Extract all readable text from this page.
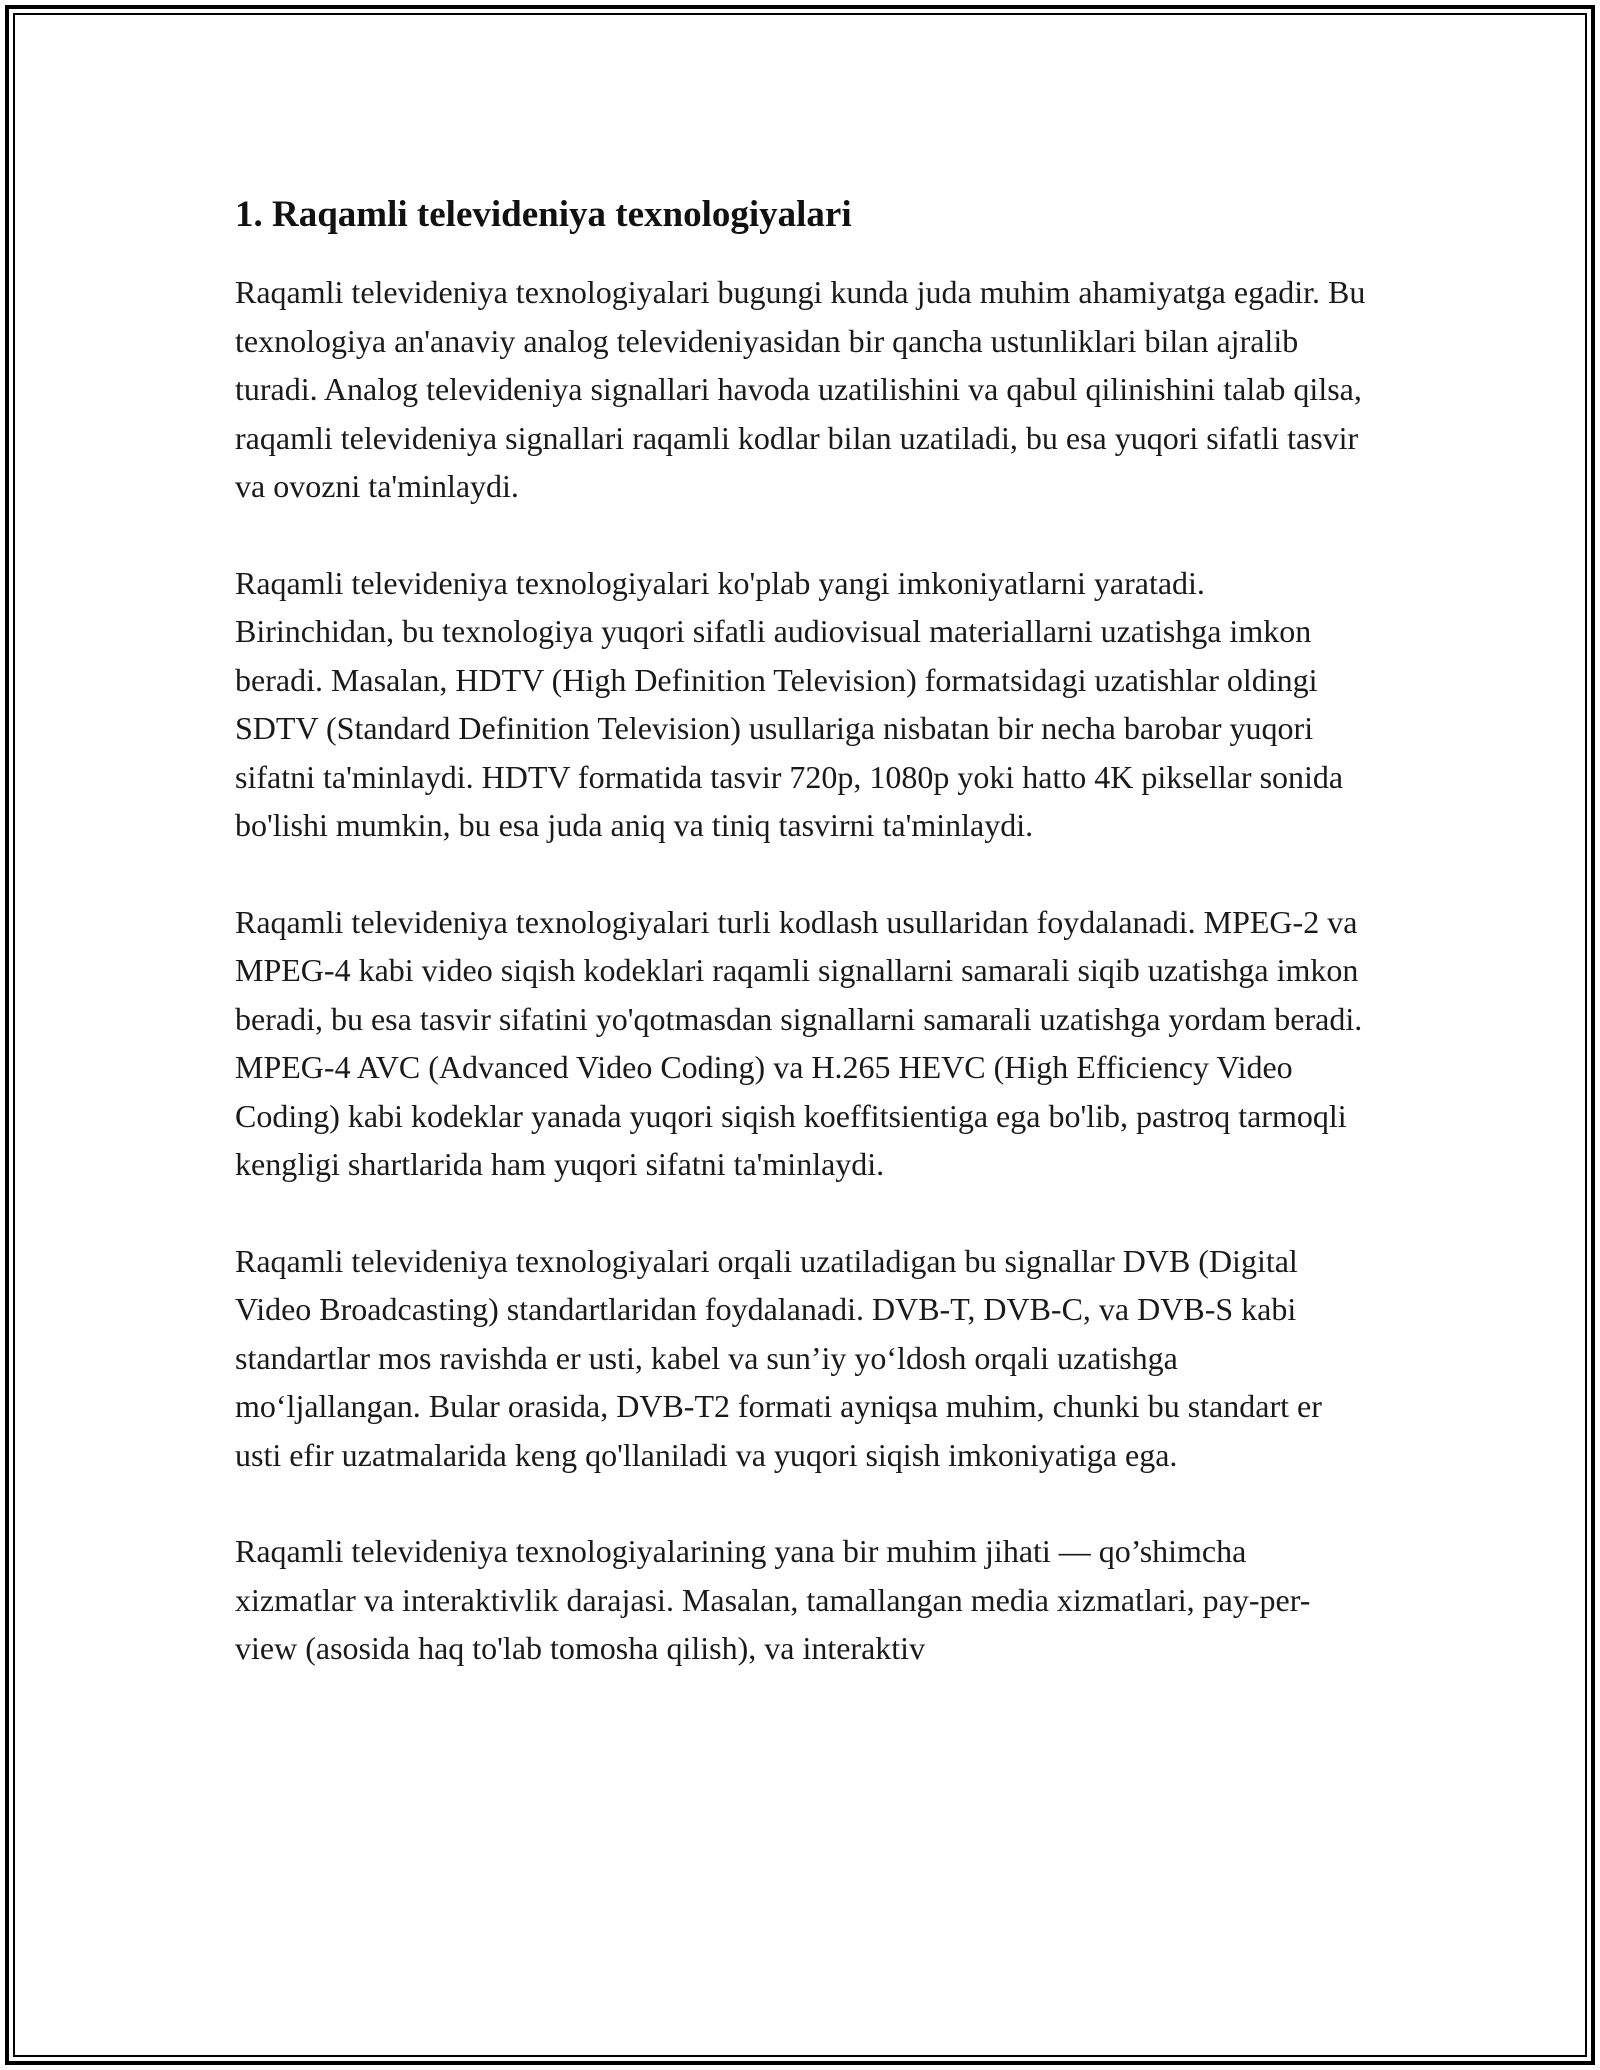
1. Raqamli televideniya texnologiyalari

Raqamli televideniya texnologiyalari bugungi kunda juda muhim ahamiyatga egadir. Bu texnologiya an'anaviy analog televideniyasidan bir qancha ustunliklari bilan ajralib turadi. Analog televideniya signallari havoda uzatilishini va qabul qilinishini talab qilsa, raqamli televideniya signallari raqamli kodlar bilan uzatiladi, bu esa yuqori sifatli tasvir va ovozni ta'minlaydi.

Raqamli televideniya texnologiyalari ko'plab yangi imkoniyatlarni yaratadi. Birinchidan, bu texnologiya yuqori sifatli audiovisual materiallarni uzatishga imkon beradi. Masalan, HDTV (High Definition Television) formatsidagi uzatishlar oldingi SDTV (Standard Definition Television) usullariga nisbatan bir necha barobar yuqori sifatni ta'minlaydi. HDTV formatida tasvir 720p, 1080p yoki hatto 4K piksellar sonida bo'lishi mumkin, bu esa juda aniq va tiniq tasvirni ta'minlaydi.

Raqamli televideniya texnologiyalari turli kodlash usullaridan foydalanadi. MPEG-2 va MPEG-4 kabi video siqish kodeklari raqamli signallarni samarali siqib uzatishga imkon beradi, bu esa tasvir sifatini yo'qotmasdan signallarni samarali uzatishga yordam beradi. MPEG-4 AVC (Advanced Video Coding) va H.265 HEVC (High Efficiency Video Coding) kabi kodeklar yanada yuqori siqish koeffitsientiga ega bo'lib, pastroq tarmoqli kengligi shartlarida ham yuqori sifatni ta'minlaydi.

Raqamli televideniya texnologiyalari orqali uzatiladigan bu signallar DVB (Digital Video Broadcasting) standartlaridan foydalanadi. DVB-T, DVB-C, va DVB-S kabi standartlar mos ravishda er usti, kabel va sun’iy yo‘ldosh orqali uzatishga mo‘ljallangan. Bular orasida, DVB-T2 formati ayniqsa muhim, chunki bu standart er usti efir uzatmalarida keng qo'llaniladi va yuqori siqish imkoniyatiga ega.

Raqamli televideniya texnologiyalarining yana bir muhim jihati — qo’shimcha xizmatlar va interaktivlik darajasi. Masalan, tamallangan media xizmatlari, pay-per-view (asosida haq to'lab tomosha qilish), va interaktiv
